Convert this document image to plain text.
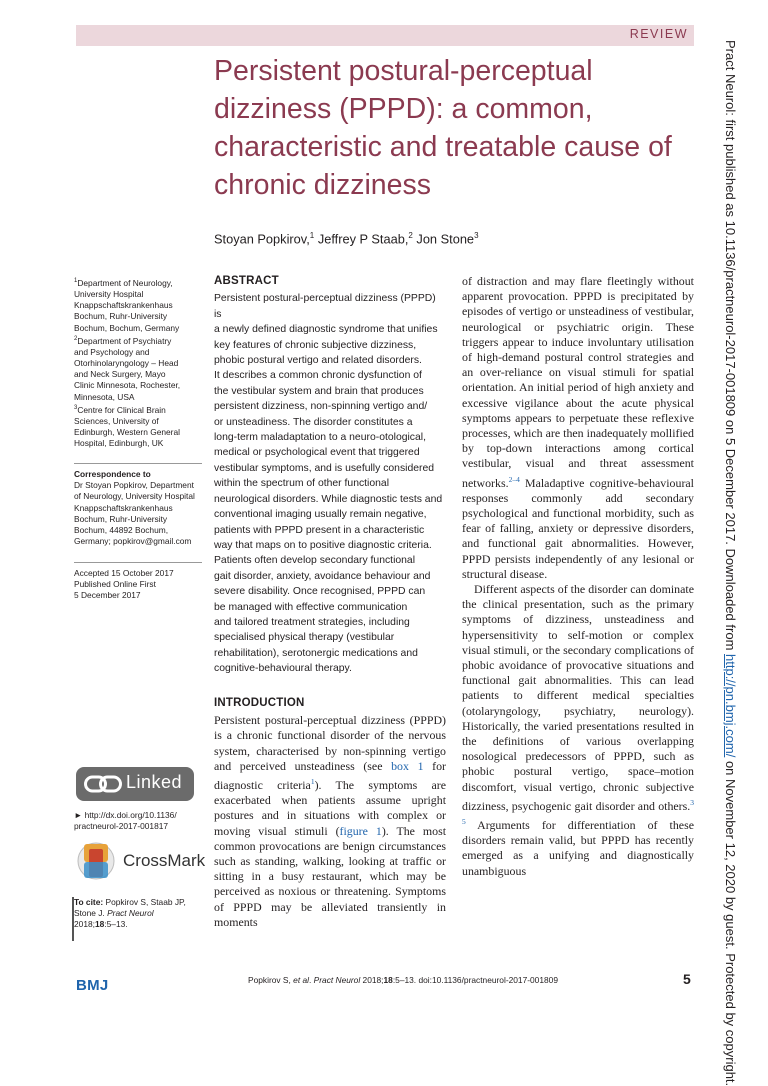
REVIEW
Persistent postural-perceptual dizziness (PPPD): a common, characteristic and treatable cause of chronic dizziness
Stoyan Popkirov,$^1$ Jeffrey P Staab,$^2$ Jon Stone$^3$
$^1$Department of Neurology,
University Hospital
Knappschaftskrankenhaus
Bochum, Ruhr-University
Bochum, Bochum, Germany
$^2$Department of Psychiatry
and Psychology and
Otorhinolaryngology – Head
and Neck Surgery, Mayo
Clinic Minnesota, Rochester,
Minnesota, USA
$^3$Centre for Clinical Brain
Sciences, University of
Edinburgh, Western General
Hospital, Edinburgh, UK
Correspondence to
Dr Stoyan Popkirov, Department
of Neurology, University Hospital
Knappschaftskrankenhaus
Bochum, Ruhr-University
Bochum, 44892 Bochum,
Germany; popkirov@gmail.com
Accepted 15 October 2017
Published Online First
5 December 2017
Linked
► http://dx.doi.org/10.1136/
practneurol-2017-001817
CrossMark
To cite: Popkirov S, Staab JP,
Stone J. Pract Neurol
2018;18:5–13.
ABSTRACT
Persistent postural-perceptual dizziness (PPPD) is
a newly defined diagnostic syndrome that unifies
key features of chronic subjective dizziness,
phobic postural vertigo and related disorders.
It describes a common chronic dysfunction of
the vestibular system and brain that produces
persistent dizziness, non-spinning vertigo and/
or unsteadiness. The disorder constitutes a
long-term maladaptation to a neuro-otological,
medical or psychological event that triggered
vestibular symptoms, and is usefully considered
within the spectrum of other functional
neurological disorders. While diagnostic tests and
conventional imaging usually remain negative,
patients with PPPD present in a characteristic
way that maps on to positive diagnostic criteria.
Patients often develop secondary functional
gait disorder, anxiety, avoidance behaviour and
severe disability. Once recognised, PPPD can
be managed with effective communication
and tailored treatment strategies, including
specialised physical therapy (vestibular
rehabilitation), serotonergic medications and
cognitive-behavioural therapy.
INTRODUCTION

Persistent postural-perceptual dizziness (PPPD) is a chronic functional disorder of the nervous system, characterised by non-spinning vertigo and perceived unsteadiness (see box 1 for diagnostic criteria$^1$). The symptoms are exacerbated when patients assume upright postures and in situations with complex or moving visual stimuli (figure 1). The most common provocations are benign circumstances such as standing, walking, looking at traffic or sitting in a busy restaurant, which may be perceived as noxious or threatening. Symptoms of PPPD may be alleviated transiently in moments

of distraction and may flare fleetingly without apparent provocation. PPPD is precipitated by episodes of vertigo or unsteadiness of vestibular, neurological or psychiatric origin. These triggers appear to induce involuntary utilisation of high-demand postural control strategies and an over-reliance on visual stimuli for spatial orientation. An initial period of high anxiety and excessive vigilance about the acute physical symptoms appears to perpetuate these reflexive processes, which are then inadequately mollified by top-down interactions among cortical vestibular, visual and threat assessment networks.$^{2-4}$ Maladaptive cognitive-behavioural responses commonly add secondary psychological and functional morbidity, such as fear of falling, anxiety or depressive disorders, and functional gait abnormalities. However, PPPD persists independently of any lesional or structural disease.

Different aspects of the disorder can dominate the clinical presentation, such as the primary symptoms of dizziness, unsteadiness and hypersensitivity to self-motion or complex visual stimuli, or the secondary complications of phobic avoidance of provocative situations and functional gait abnormalities. This can lead patients to different medical specialties (otolaryngology, psychiatry, neurology). Historically, the varied presentations resulted in the definitions of various overlapping nosological predecessors of PPPD, such as phobic postural vertigo, space–motion discomfort, visual vertigo, chronic subjective dizziness, psychogenic gait disorder and others.$^{3 5}$ Arguments for differentiation of these disorders remain valid, but PPPD has recently emerged as a unifying and diagnostically unambiguous

BMJ	Popkirov S, et al. Pract Neurol 2018;18:5–13. doi:10.1136/practneurol-2017-001809	5
Pract Neurol: first published as 10.1136/practneurol-2017-001809 on 5 December 2017. Downloaded from http://pn.bmj.com/ on November 12, 2020 by guest. Protected by copyright.
